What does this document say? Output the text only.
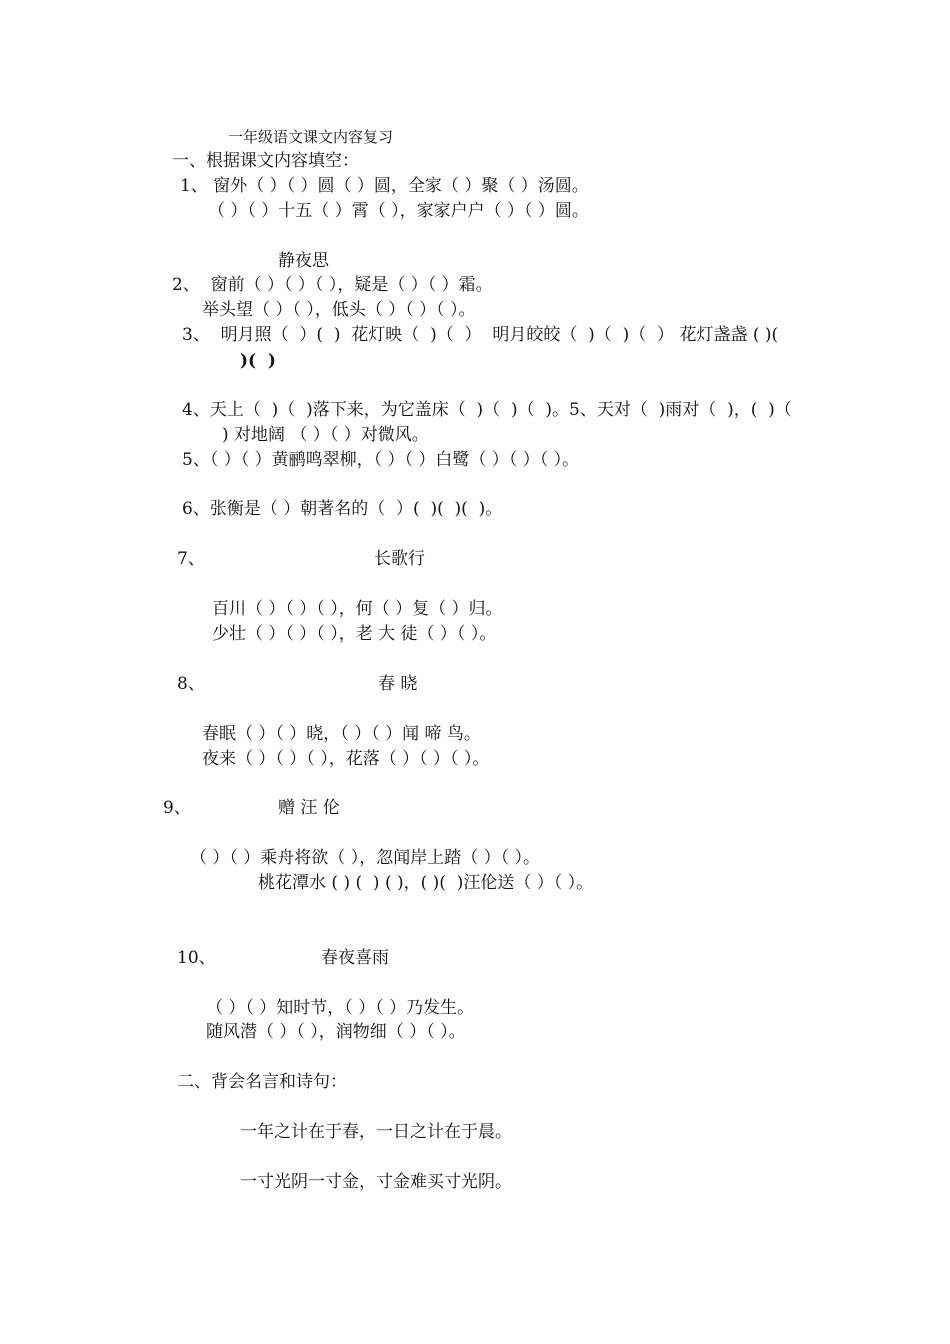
一年级语文课文内容复习
一、根据课文内容填空：
1、 窗外（ ）（ ）圆（ ）圆，全家（ ）聚（ ）汤圆。
（ ）（ ）十五（ ）霄（ ），家家户户（ ）（ ）圆。
静夜思
2、  窗前（ ）（ ）（ ），疑是（ ）（ ）霜。
举头望（ ）（ ），低头（ ）（ ）（ ）。
3、  明月照（  ）(  )  花灯映（  )（  ）  明月皎皎（  )（  )（  ） 花灯盏盏 ( )(
)(  )
4、天上（  )（  )落下来，为它盖床（  )（  )（  )。5、天对（  )雨对（  )，(  )（
) 对地阔 （ ）（ ）对微风。
5、（ ）（ ）黄鹂鸣翠柳，（ ）（ ）白鹭（ ）（ ）（ ）。
6、张衡是（ ）朝著名的（  ）(  )(  )(  )。
7、	长歌行
百川（ ）（ ）（ ），何（ ）复（ ）归。
少壮（ ）（ ）（ ），老 大 徒（ ）（ ）。
8、	春 晓
春眠（ ）（ ）晓，（ ）（ ）闻 啼 鸟。
夜来（ ）（ ）（ ），花落（ ）（ ）（ ）。
9、	赠 汪 伦
（ ）（ ）乘舟将欲（ ），忽闻岸上踏（ ）（ ）。
桃花潭水 ( ) (  ) ( )，( )(  )汪伦送（ ）（ ）。
10、	春夜喜雨
（ ）（ ）知时节，（ ）（ ）乃发生。
随风潜（ ）（ ），润物细（ ）（ ）。
二、背会名言和诗句：
一年之计在于春，一日之计在于晨。
一寸光阴一寸金，寸金难买寸光阴。
